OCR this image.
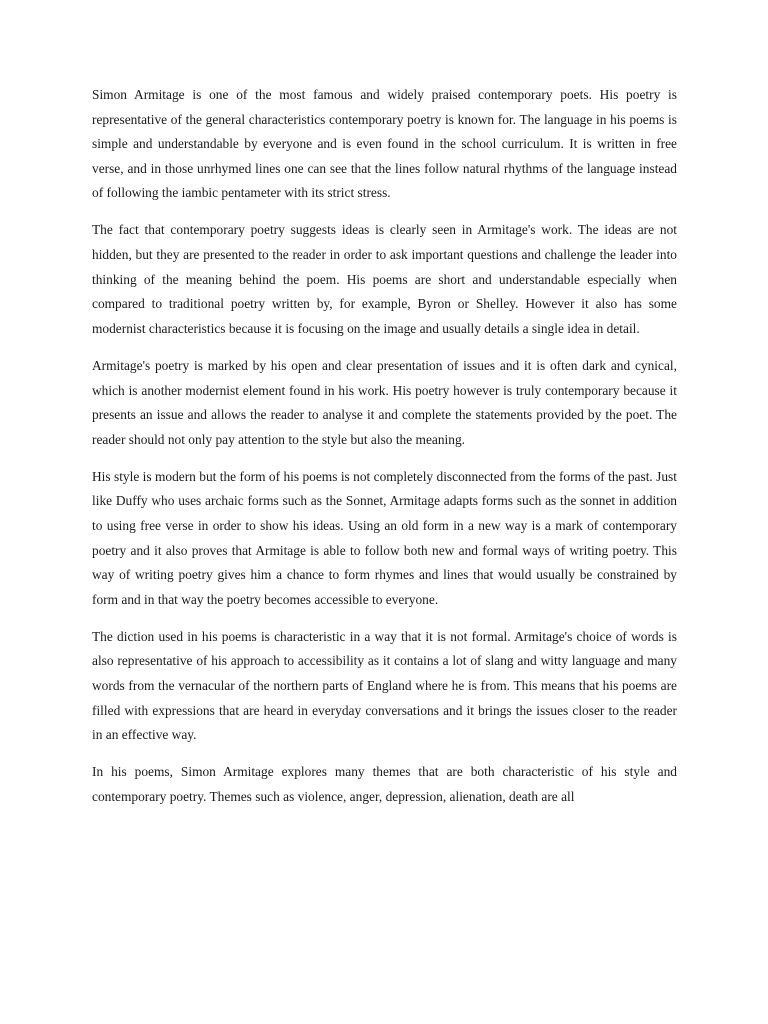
Simon Armitage is one of the most famous and widely praised contemporary poets. His poetry is representative of the general characteristics contemporary poetry is known for. The language in his poems is simple and understandable by everyone and is even found in the school curriculum. It is written in free verse, and in those unrhymed lines one can see that the lines follow natural rhythms of the language instead of following the iambic pentameter with its strict stress.

The fact that contemporary poetry suggests ideas is clearly seen in Armitage's work. The ideas are not hidden, but they are presented to the reader in order to ask important questions and challenge the leader into thinking of the meaning behind the poem. His poems are short and understandable especially when compared to traditional poetry written by, for example, Byron or Shelley. However it also has some modernist characteristics because it is focusing on the image and usually details a single idea in detail.

Armitage's poetry is marked by his open and clear presentation of issues and it is often dark and cynical, which is another modernist element found in his work. His poetry however is truly contemporary because it presents an issue and allows the reader to analyse it and complete the statements provided by the poet. The reader should not only pay attention to the style but also the meaning.

His style is modern but the form of his poems is not completely disconnected from the forms of the past. Just like Duffy who uses archaic forms such as the Sonnet, Armitage adapts forms such as the sonnet in addition to using free verse in order to show his ideas. Using an old form in a new way is a mark of contemporary poetry and it also proves that Armitage is able to follow both new and formal ways of writing poetry. This way of writing poetry gives him a chance to form rhymes and lines that would usually be constrained by form and in that way the poetry becomes accessible to everyone.

The diction used in his poems is characteristic in a way that it is not formal. Armitage's choice of words is also representative of his approach to accessibility as it contains a lot of slang and witty language and many words from the vernacular of the northern parts of England where he is from. This means that his poems are filled with expressions that are heard in everyday conversations and it brings the issues closer to the reader in an effective way.

In his poems, Simon Armitage explores many themes that are both characteristic of his style and contemporary poetry. Themes such as violence, anger, depression, alienation, death are all
